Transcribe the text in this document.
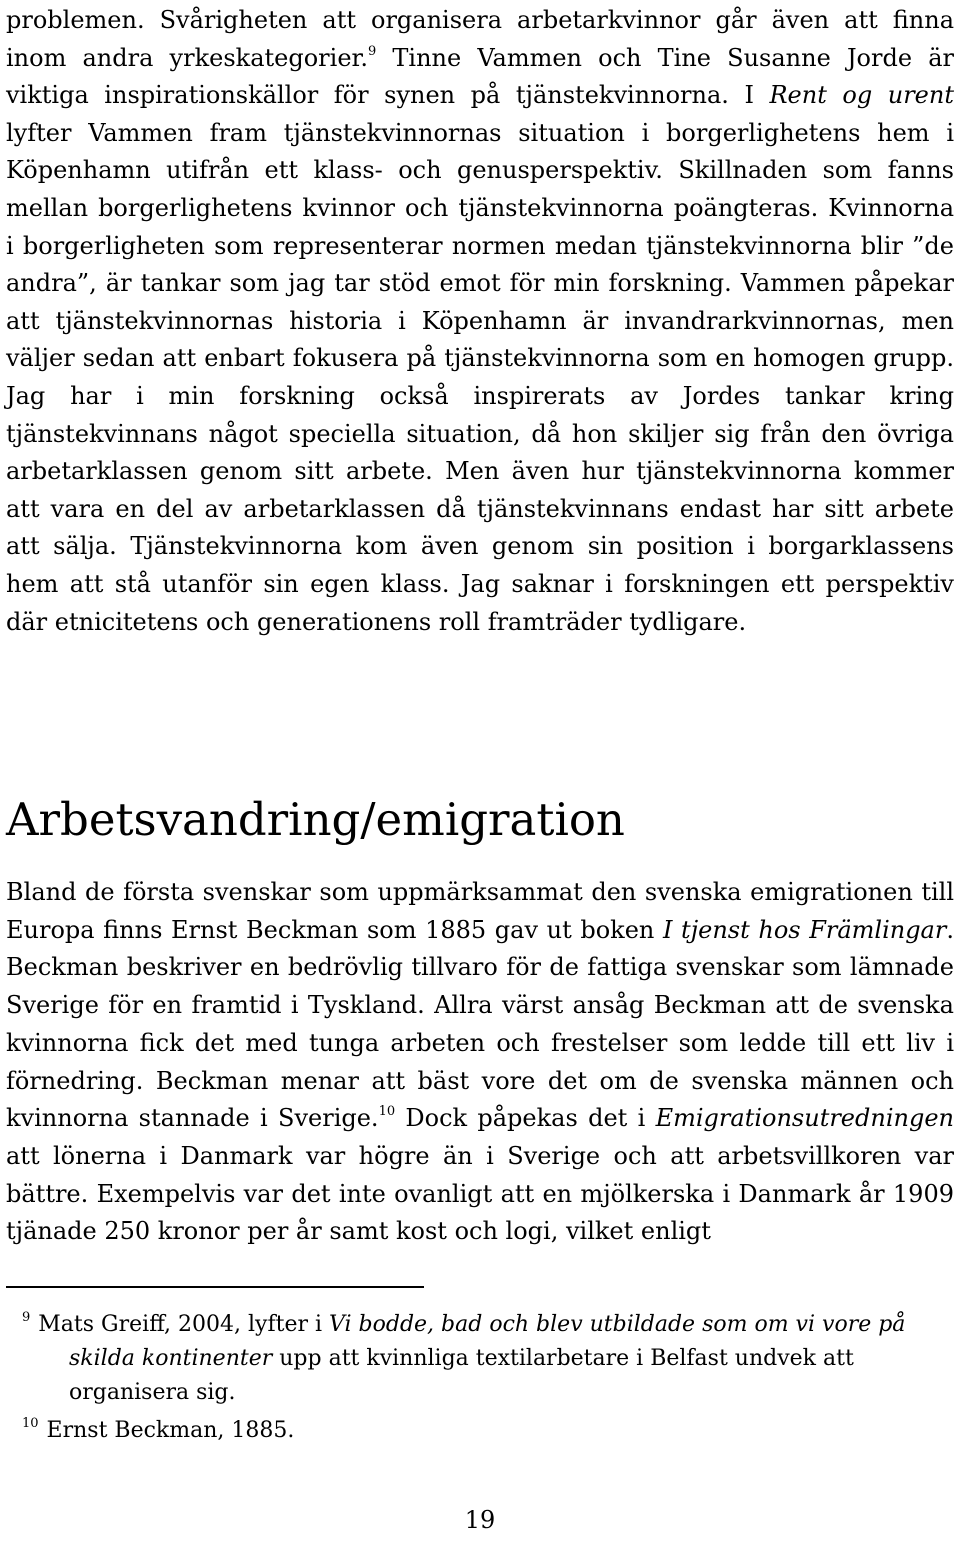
problemen. Svårigheten att organisera arbetarkvinnor går även att finna inom andra yrkeskategorier.$^9$ Tinne Vammen och Tine Susanne Jorde är viktiga inspirationskällor för synen på tjänstekvinnorna. I Rent og urent lyfter Vammen fram tjänstekvinnornas situation i borgerlighetens hem i Köpenhamn utifrån ett klass- och genusperspektiv. Skillnaden som fanns mellan borgerlighetens kvinnor och tjänstekvinnorna poängteras. Kvinnorna i borgerligheten som representerar normen medan tjänstekvinnorna blir ”de andra”, är tankar som jag tar stöd emot för min forskning. Vammen påpekar att tjänstekvinnornas historia i Köpenhamn är invandrarkvinnornas, men väljer sedan att enbart fokusera på tjänstekvinnorna som en homogen grupp. Jag har i min forskning också inspirerats av Jordes tankar kring tjänstekvinnans något speciella situation, då hon skiljer sig från den övriga arbetarklassen genom sitt arbete. Men även hur tjänstekvinnorna kommer att vara en del av arbetarklassen då tjänstekvinnans endast har sitt arbete att sälja. Tjänstekvinnorna kom även genom sin position i borgarklassens hem att stå utanför sin egen klass. Jag saknar i forskningen ett perspektiv där etnicitetens och generationens roll framträder tydligare.

Arbetsvandring/emigration

Bland de första svenskar som uppmärksammat den svenska emigrationen till Europa finns Ernst Beckman som 1885 gav ut boken I tjenst hos Främlingar. Beckman beskriver en bedrövlig tillvaro för de fattiga svenskar som lämnade Sverige för en framtid i Tyskland. Allra värst ansåg Beckman att de svenska kvinnorna fick det med tunga arbeten och frestelser som ledde till ett liv i förnedring. Beckman menar att bäst vore det om de svenska männen och kvinnorna stannade i Sverige.$^{10}$ Dock påpekas det i Emigrationsutredningen att lönerna i Danmark var högre än i Sverige och att arbetsvillkoren var bättre. Exempelvis var det inte ovanligt att en mjölkerska i Danmark år 1909 tjänade 250 kronor per år samt kost och logi, vilket enligt

$^9$ Mats Greiff, 2004, lyfter i Vi bodde, bad och blev utbildade som om vi vore på
skilda kontinenter upp att kvinnliga textilarbetare i Belfast undvek att
organisera sig.

$^{10}$ Ernst Beckman, 1885.

19
